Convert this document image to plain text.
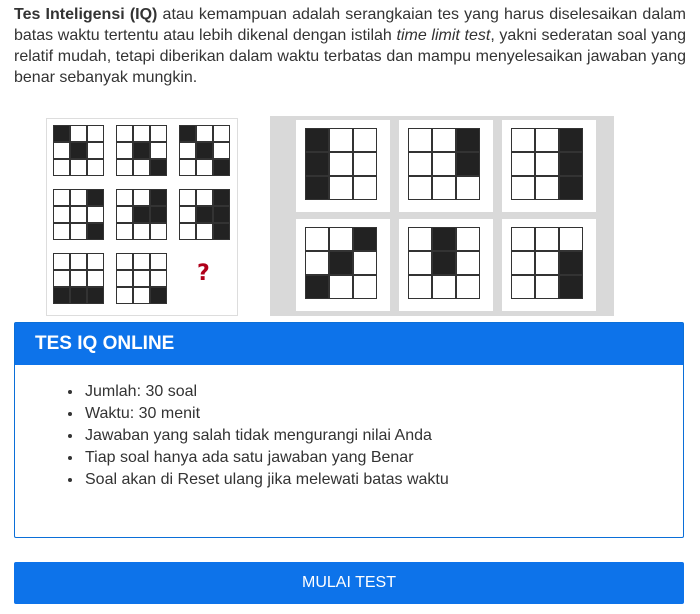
Tes Inteligensi (IQ) atau kemampuan adalah serangkaian tes yang harus diselesaikan dalam batas waktu tertentu atau lebih dikenal dengan istilah time limit test, yakni sederatan soal yang relatif mudah, tetapi diberikan dalam waktu terbatas dan mampu menyelesaikan jawaban yang benar sebanyak mungkin.
?
TES IQ ONLINE
• Jumlah: 30 soal
• Waktu: 30 menit
• Jawaban yang salah tidak mengurangi nilai Anda
• Tiap soal hanya ada satu jawaban yang Benar
• Soal akan di Reset ulang jika melewati batas waktu
MULAI TEST
